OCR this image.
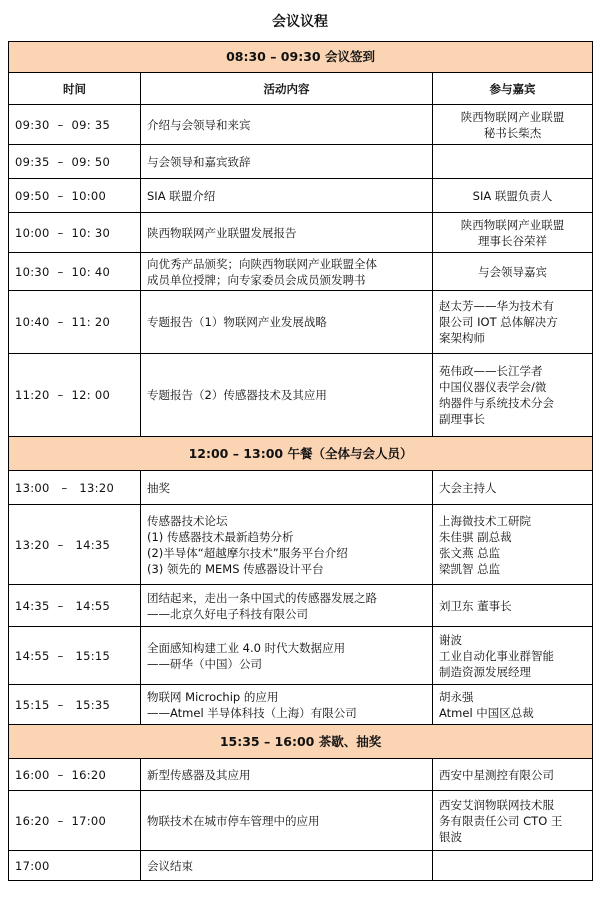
会议议程
08:30 – 09:30 会议签到		
时间	活动内容	参与嘉宾
09:30  –  09: 35	介绍与会领导和来宾	陕西物联网产业联盟
秘书长柴杰
09:35  –  09: 50	与会领导和嘉宾致辞	
09:50  –  10:00	SIA 联盟介绍	SIA 联盟负责人
10:00  –  10: 30	陕西物联网产业联盟发展报告	陕西物联网产业联盟
理事长谷荣祥
10:30  –  10: 40	向优秀产品颁奖；向陕西物联网产业联盟全体
成员单位授牌；向专家委员会成员颁发聘书	与会领导嘉宾
10:40  –  11: 20	专题报告（1）物联网产业发展战略	赵太芳——华为技术有
限公司 IOT 总体解决方
案架构师
11:20  –  12: 00	专题报告（2）传感器技术及其应用	苑伟政——长江学者
中国仪器仪表学会/微
纳器件与系统技术分会
副理事长
12:00 – 13:00 午餐（全体与会人员）		
13:00   –   13:20	抽奖	大会主持人
13:20  –   14:35	传感器技术论坛
(1) 传感器技术最新趋势分析
(2)半导体“超越摩尔技术”服务平台介绍
(3) 领先的 MEMS 传感器设计平台	上海微技术工研院
朱佳骐 副总裁
张文燕 总监
梁凯智 总监
14:35  –   14:55	团结起来，走出一条中国式的传感器发展之路
——北京久好电子科技有限公司	刘卫东 董事长
14:55  –   15:15	全面感知构建工业 4.0 时代大数据应用
——研华（中国）公司	谢波
工业自动化事业群智能
制造资源发展经理
15:15  –   15:35	物联网 Microchip 的应用
——Atmel 半导体科技（上海）有限公司	胡永强
Atmel 中国区总裁
15:35 – 16:00 茶歇、抽奖		
16:00  –  16:20	新型传感器及其应用	西安中星测控有限公司
16:20  –  17:00	物联技术在城市停车管理中的应用	西安艾润物联网技术服
务有限责任公司 CTO 王
银波
17:00	会议结束	
